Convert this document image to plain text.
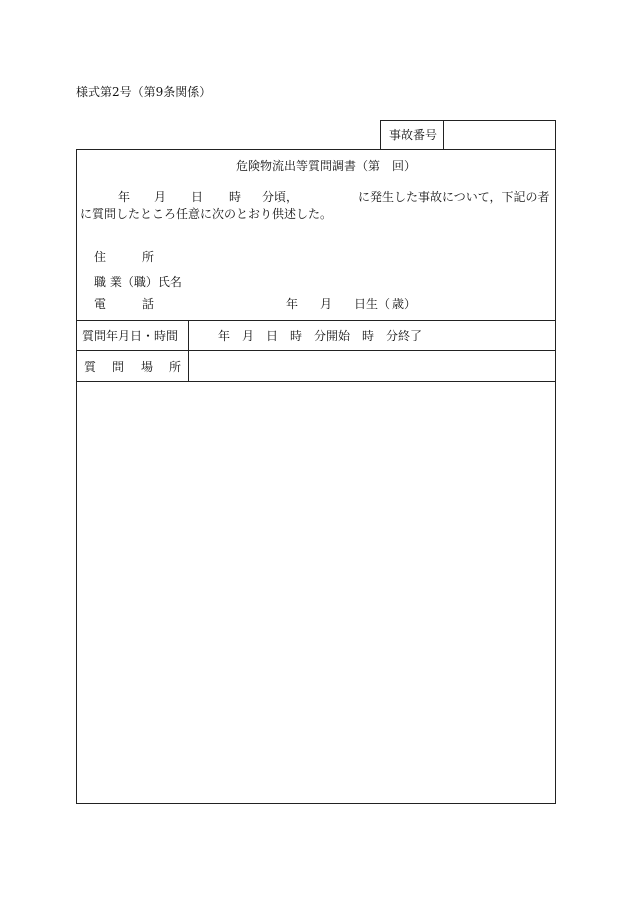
様式第2号（第9条関係）
事故番号
危険物流出等質問調書（第　回）
年 月 日 時 分頃，	に発生した事故について，下記の者
に質問したところ任意に次のとおり供述した。
住	所
職 業（職）氏名
電	話	年 月 日生（ 歳）
質問年月日・時間	年　月　日　時　分開始　時　分終了
質 問 場 所
